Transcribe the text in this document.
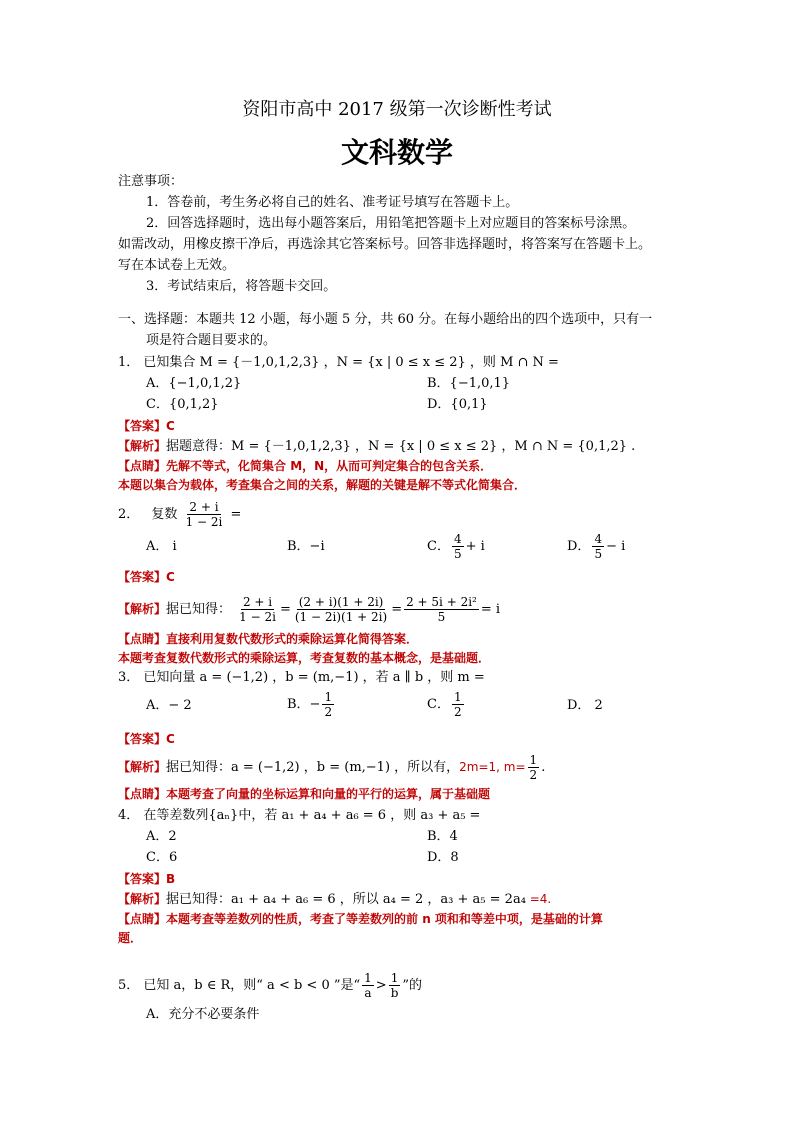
资阳市高中 2017 级第一次诊断性考试
文科数学
注意事项：
1．答卷前，考生务必将自己的姓名、准考证号填写在答题卡上。
2．回答选择题时，选出每小题答案后，用铅笔把答题卡上对应题目的答案标号涂黑。
如需改动，用橡皮擦干净后，再选涂其它答案标号。回答非选择题时，将答案写在答题卡上。
写在本试卷上无效。
3．考试结束后，将答题卡交回。
一、选择题：本题共 12 小题，每小题 5 分，共 60 分。在每小题给出的四个选项中，只有一
项是符合题目要求的。
1． 已知集合 M = {－1,0,1,2,3} ，N = {x | 0 ≤ x ≤ 2} ，则 M ∩ N =
A．{−1,0,1,2}	B．{−1,0,1}
C．{0,1,2}	D．{0,1}
【答案】C
【解析】据题意得：M = {－1,0,1,2,3} ，N = {x | 0 ≤ x ≤ 2} ，M ∩ N = {0,1,2} .
【点睛】先解不等式，化简集合 M，N，从而可判定集合的包含关系．
本题以集合为载体，考查集合之间的关系，解题的关键是解不等式化简集合．
2． 复数 $\frac{2 + i}{1 - 2i}$ =
A． i	B．−i	C． $\frac{4}{5} + i$	D． $\frac{4}{5} - i$
【答案】C
【解析】据已知得： $\frac{2 + i}{1 - 2i} = \frac{(2 + i)(1 + 2i)}{(1 - 2i)(1 + 2i)} = \frac{\text{2 + 5i + 2i²}}{5} = i$
【点睛】直接利用复数代数形式的乘除运算化简得答案．
本题考查复数代数形式的乘除运算，考查复数的基本概念，是基础题．
3． 已知向量 a = (−1,2) ，b = (m,−1) ，若 a ∥ b ，则 m =
A．− 2	B．− $\frac{1}{2}$	C． $\frac{1}{2}$	D． 2
【答案】C
【解析】据已知得：a = (−1,2) ，b = (m,−1) ，所以有，2m=1, $m= \frac{1}{2}$ .
【点睛】本题考查了向量的坐标运算和向量的平行的运算，属于基础题
4． 在等差数列{aₙ}中，若 a₁ + a₄ + a₆ = 6 ，则 a₃ + a₅ =
A．2	B．4
C．6	D．8
【答案】B
【解析】据已知得：a₁ + a₄ + a₆ = 6 ，所以 a₄ = 2 ，a₃ + a₅ = 2a₄ =4.
【点睛】本题考查等差数列的性质，考查了等差数列的前 n 项和和等差中项，是基础的计算
题．
5． 已知 a，b ∈ R，则“ a < b < 0 ”是“ $\frac{1}{a} > \frac{1}{b}$ ”的
A．充分不必要条件
